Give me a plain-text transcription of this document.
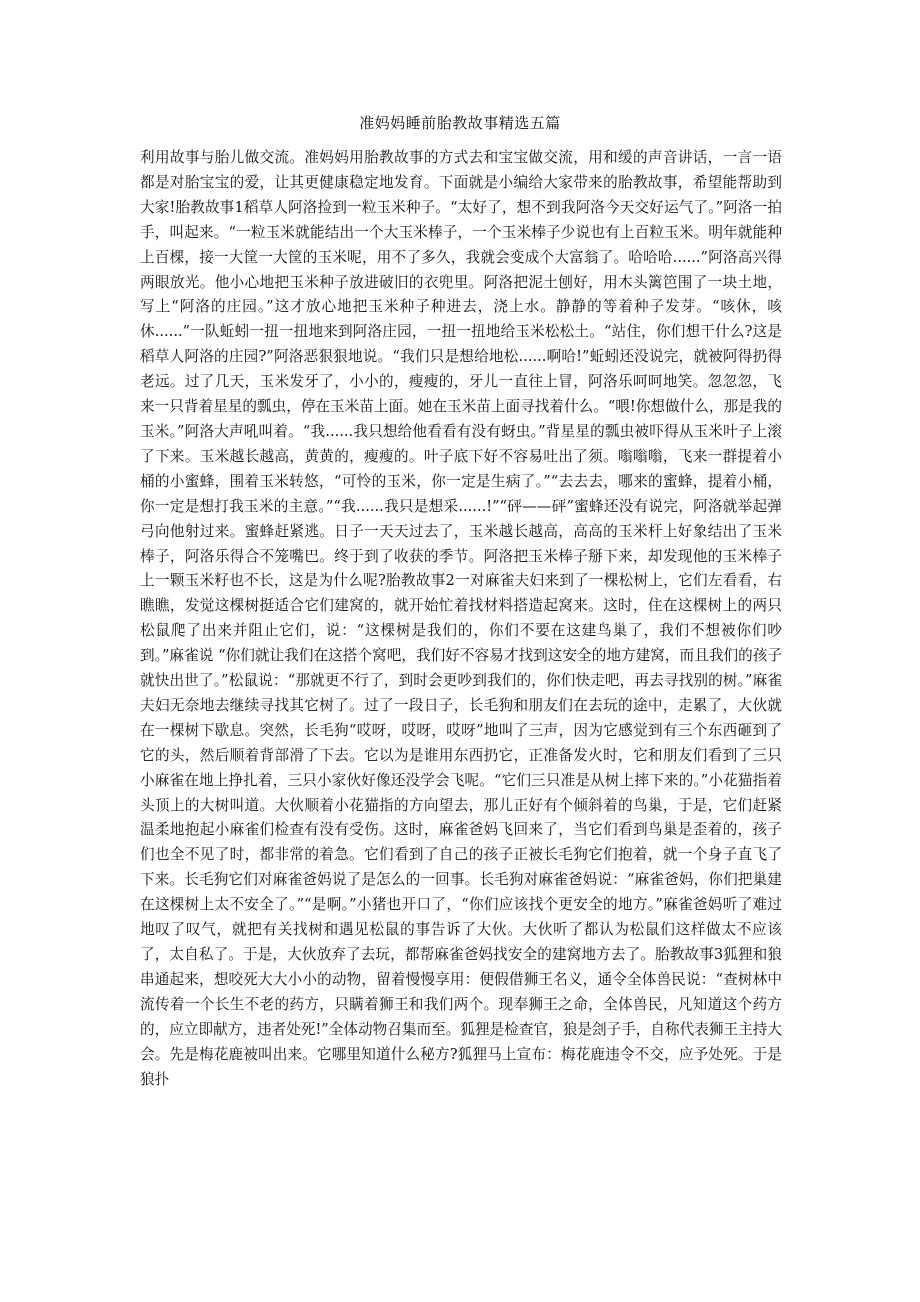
准妈妈睡前胎教故事精选五篇

利用故事与胎儿做交流。准妈妈用胎教故事的方式去和宝宝做交流，用和缓的声音讲话，一言一语都是对胎宝宝的爱，让其更健康稳定地发育。下面就是小编给大家带来的胎教故事，希望能帮助到大家!胎教故事1稻草人阿洛捡到一粒玉米种子。“太好了，想不到我阿洛今天交好运气了。”阿洛一拍手，叫起来。“一粒玉米就能结出一个大玉米棒子，一个玉米棒子少说也有上百粒玉米。明年就能种上百棵，接一大筐一大筐的玉米呢，用不了多久，我就会变成个大富翁了。哈哈哈......”阿洛高兴得两眼放光。他小心地把玉米种子放进破旧的衣兜里。阿洛把泥土刨好，用木头篱笆围了一块土地，写上“阿洛的庄园。”这才放心地把玉米种子种进去，浇上水。静静的等着种子发芽。“咳休，咳休......”一队蚯蚓一扭一扭地来到阿洛庄园，一扭一扭地给玉米松松土。“站住，你们想干什么?这是稻草人阿洛的庄园?”阿洛恶狠狠地说。“我们只是想给地松......啊哈!”蚯蚓还没说完，就被阿得扔得老远。过了几天，玉米发牙了，小小的，瘦瘦的，牙儿一直往上冒，阿洛乐呵呵地笑。忽忽忽，飞来一只背着星星的瓢虫，停在玉米苗上面。她在玉米苗上面寻找着什么。“喂!你想做什么，那是我的玉米。”阿洛大声吼叫着。“我......我只想给他看看有没有蚜虫。”背星星的瓢虫被吓得从玉米叶子上滚了下来。玉米越长越高，黄黄的，瘦瘦的。叶子底下好不容易吐出了须。嗡嗡嗡，飞来一群提着小桶的小蜜蜂，围着玉米转悠，“可怜的玉米，你一定是生病了。”“去去去，哪来的蜜蜂，提着小桶，你一定是想打我玉米的主意。”“我......我只是想采......!”“砰——砰”蜜蜂还没有说完，阿洛就举起弹弓向他射过来。蜜蜂赶紧逃。日子一天天过去了，玉米越长越高，高高的玉米杆上好象结出了玉米棒子，阿洛乐得合不笼嘴巴。终于到了收获的季节。阿洛把玉米棒子掰下来，却发现他的玉米棒子上一颗玉米籽也不长，这是为什么呢?胎教故事2一对麻雀夫妇来到了一棵松树上，它们左看看，右瞧瞧，发觉这棵树挺适合它们建窝的，就开始忙着找材料搭造起窝来。这时，住在这棵树上的两只松鼠爬了出来并阻止它们，说：“这棵树是我们的，你们不要在这建鸟巢了，我们不想被你们吵到。”麻雀说 “你们就让我们在这搭个窝吧，我们好不容易才找到这安全的地方建窝，而且我们的孩子就快出世了。”松鼠说：“那就更不行了，到时会更吵到我们的，你们快走吧，再去寻找别的树。”麻雀夫妇无奈地去继续寻找其它树了。过了一段日子，长毛狗和朋友们在去玩的途中，走累了，大伙就在一棵树下歇息。突然，长毛狗“哎呀，哎呀，哎呀”地叫了三声，因为它感觉到有三个东西砸到了它的头，然后顺着背部滑了下去。它以为是谁用东西扔它，正准备发火时，它和朋友们看到了三只小麻雀在地上挣扎着，三只小家伙好像还没学会飞呢。“它们三只准是从树上摔下来的。”小花猫指着头顶上的大树叫道。大伙顺着小花猫指的方向望去，那儿正好有个倾斜着的鸟巢，于是，它们赶紧温柔地抱起小麻雀们检查有没有受伤。这时，麻雀爸妈飞回来了，当它们看到鸟巢是歪着的，孩子们也全不见了时，都非常的着急。它们看到了自己的孩子正被长毛狗它们抱着，就一个身子直飞了下来。长毛狗它们对麻雀爸妈说了是怎么的一回事。长毛狗对麻雀爸妈说：“麻雀爸妈，你们把巢建在这棵树上太不安全了。”“是啊。”小猪也开口了，“你们应该找个更安全的地方。”麻雀爸妈听了难过地叹了叹气，就把有关找树和遇见松鼠的事告诉了大伙。大伙听了都认为松鼠们这样做太不应该了，太自私了。于是，大伙放弃了去玩，都帮麻雀爸妈找安全的建窝地方去了。胎教故事3狐狸和狼串通起来，想咬死大大小小的动物，留着慢慢享用：便假借狮王名义，通令全体兽民说：“查树林中流传着一个长生不老的药方，只瞒着狮王和我们两个。现奉狮王之命，全体兽民，凡知道这个药方的，应立即献方，违者处死!”全体动物召集而至。狐狸是检查官，狼是刽子手，自称代表狮王主持大会。先是梅花鹿被叫出来。它哪里知道什么秘方?狐狸马上宣布：梅花鹿违令不交，应予处死。于是狼扑
